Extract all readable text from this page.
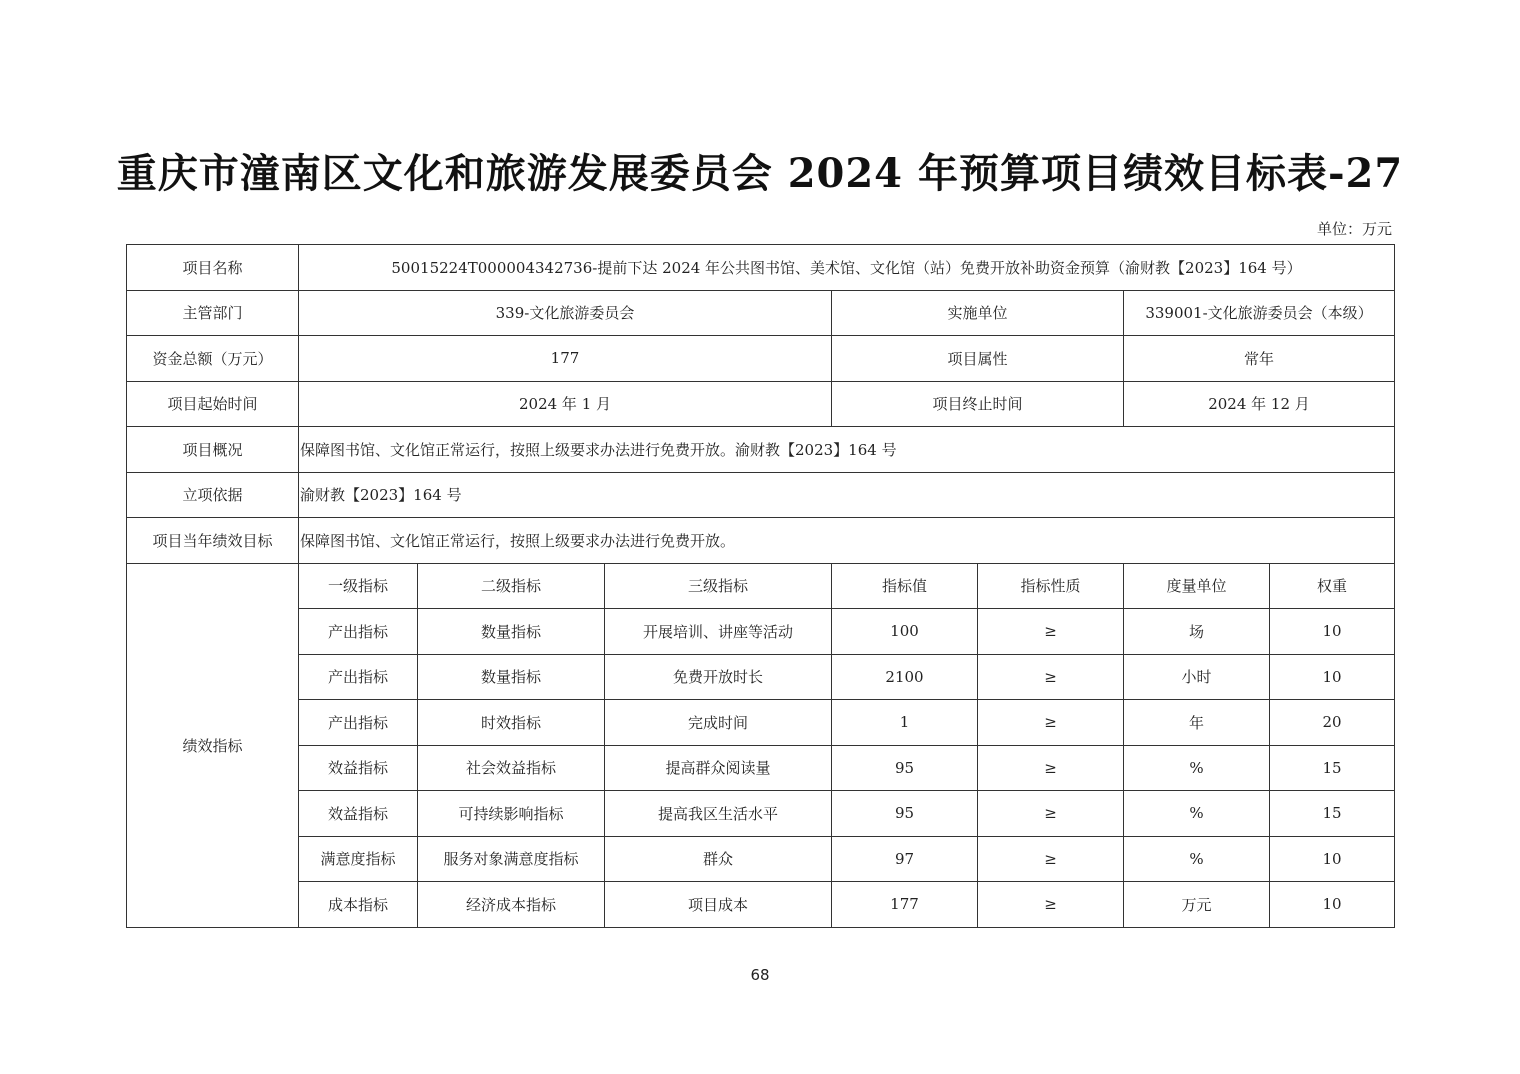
重庆市潼南区文化和旅游发展委员会 2024 年预算项目绩效目标表-27
单位：万元
项目名称	50015224T000004342736-提前下达 2024 年公共图书馆、美术馆、文化馆（站）免费开放补助资金预算（渝财教【2023】164 号）						
主管部门	339-文化旅游委员会			实施单位		339001-文化旅游委员会（本级）	
资金总额（万元）	177			项目属性		常年	
项目起始时间	2024 年 1 月			项目终止时间		2024 年 12 月	
项目概况	保障图书馆、文化馆正常运行，按照上级要求办法进行免费开放。渝财教【2023】164 号						
立项依据	渝财教【2023】164 号						
项目当年绩效目标	保障图书馆、文化馆正常运行，按照上级要求办法进行免费开放。						
绩效指标	一级指标	二级指标	三级指标	指标值	指标性质	度量单位	权重
	产出指标	数量指标	开展培训、讲座等活动	100	≥	场	10
	产出指标	数量指标	免费开放时长	2100	≥	小时	10
	产出指标	时效指标	完成时间	1	≥	年	20
	效益指标	社会效益指标	提高群众阅读量	95	≥	%	15
	效益指标	可持续影响指标	提高我区生活水平	95	≥	%	15
	满意度指标	服务对象满意度指标	群众	97	≥	%	10
	成本指标	经济成本指标	项目成本	177	≥	万元	10
68
